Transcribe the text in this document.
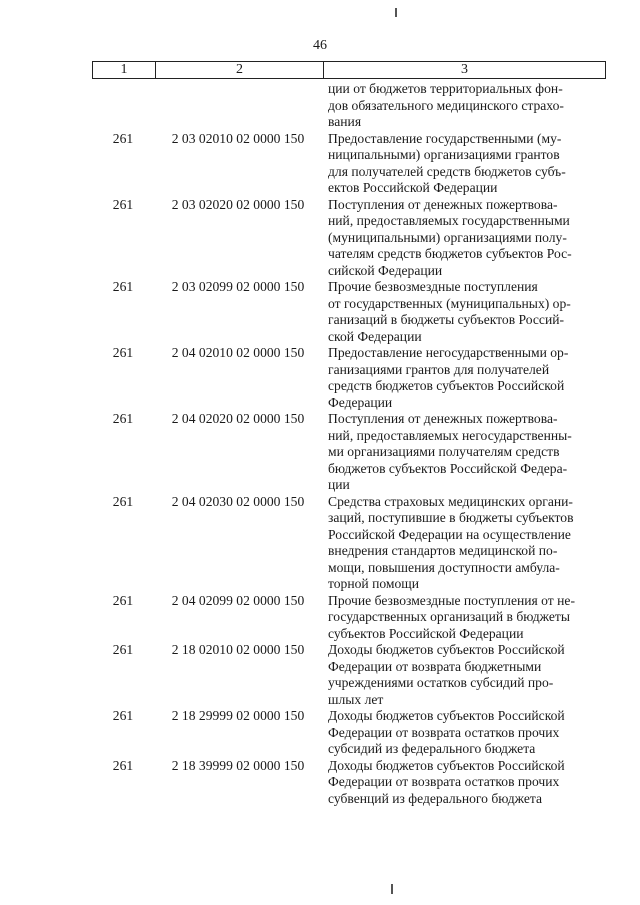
46
1	2	3
ции от бюджетов территориальных фон-
дов обязательного медицинского страхо-
вания
261	2 03 02010 02 0000 150	Предоставление государственными (му-
ниципальными) организациями грантов
для получателей средств бюджетов субъ-
ектов Российской Федерации
261	2 03 02020 02 0000 150	Поступления от денежных пожертвова-
ний, предоставляемых государственными
(муниципальными) организациями полу-
чателям средств бюджетов субъектов Рос-
сийской Федерации
261	2 03 02099 02 0000 150	Прочие безвозмездные поступления
от государственных (муниципальных) ор-
ганизаций в бюджеты субъектов Россий-
ской Федерации
261	2 04 02010 02 0000 150	Предоставление негосударственными ор-
ганизациями грантов для получателей
средств бюджетов субъектов Российской
Федерации
261	2 04 02020 02 0000 150	Поступления от денежных пожертвова-
ний, предоставляемых негосударственны-
ми организациями получателям средств
бюджетов субъектов Российской Федера-
ции
261	2 04 02030 02 0000 150	Средства страховых медицинских органи-
заций, поступившие в бюджеты субъектов
Российской Федерации на осуществление
внедрения стандартов медицинской по-
мощи, повышения доступности амбула-
торной помощи
261	2 04 02099 02 0000 150	Прочие безвозмездные поступления от не-
государственных организаций в бюджеты
субъектов Российской Федерации
261	2 18 02010 02 0000 150	Доходы бюджетов субъектов Российской
Федерации от возврата бюджетными
учреждениями остатков субсидий про-
шлых лет
261	2 18 29999 02 0000 150	Доходы бюджетов субъектов Российской
Федерации от возврата остатков прочих
субсидий из федерального бюджета
261	2 18 39999 02 0000 150	Доходы бюджетов субъектов Российской
Федерации от возврата остатков прочих
субвенций из федерального бюджета
